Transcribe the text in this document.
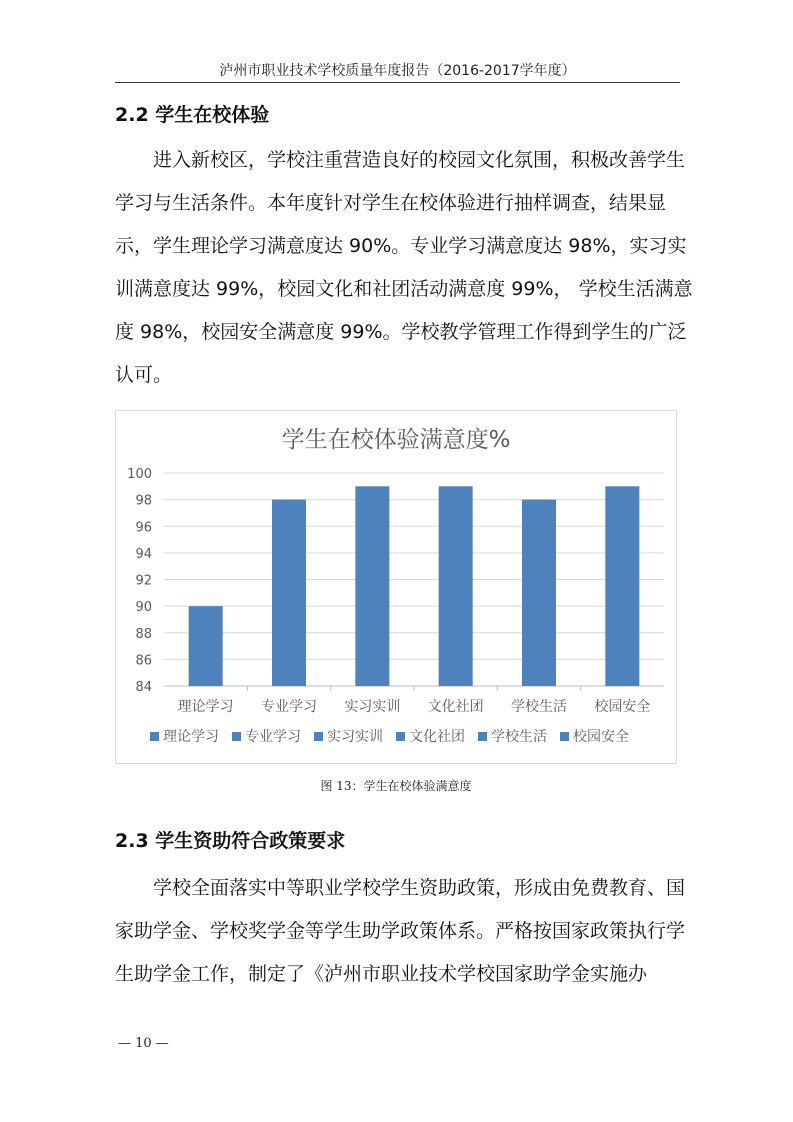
泸州市职业技术学校质量年度报告（2016-2017学年度）
2.2 学生在校体验

　　进入新校区，学校注重营造良好的校园文化氛围，积极改善学生
学习与生活条件。本年度针对学生在校体验进行抽样调查，结果显
示，学生理论学习满意度达 90%。专业学习满意度达 98%，实习实
训满意度达 99%，校园文化和社团活动满意度 99%， 学校生活满意
度 98%，校园安全满意度 99%。学校教学管理工作得到学生的广泛
认可。

学生在校体验满意度%
84
86
88
90
92
94
96
98
100
理论学习 专业学习 实习实训 文化社团 学校生活 校园安全
理论学习 专业学习 实习实训 文化社团 学校生活 校园安全
图 13：学生在校体验满意度
2.3 学生资助符合政策要求

　　学校全面落实中等职业学校学生资助政策，形成由免费教育、国
家助学金、学校奖学金等学生助学政策体系。严格按国家政策执行学
生助学金工作，制定了《泸州市职业技术学校国家助学金实施办

— 10 —
